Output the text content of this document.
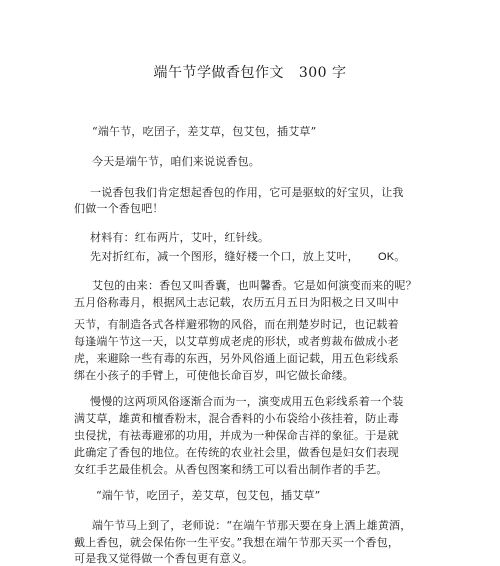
端午节学做香包作文   300 字
“端午节，吃囝子，差艾草，包艾包，插艾草”
今天是端午节，咱们来说说香包。
一说香包我们肯定想起香包的作用，它可是驱蚊的好宝贝，让我
们做一个香包吧！
材料有：红布两片，艾叶，红针线。
先对折红布，减一个图形，缝好楼一个口，放上艾叶， OK。
艾包的由来：香包又叫香囊，也叫馨香。它是如何演变而来的呢？
五月俗称毒月，根据风土志记载，农历五月五日为阳极之日又叫中
天节，有制造各式各样避邪物的风俗，而在荆楚岁时记，也记载着
每逢端午节这一天，以艾草剪成老虎的形状，或者剪裁布做成小老
虎，来避除一些有毒的东西，另外风俗通上面记载，用五色彩线系
绑在小孩子的手臂上，可使他长命百岁，叫它做长命缕。
慢慢的这两项风俗逐渐合而为一，演变成用五色彩线系着一个装
满艾草，雄黄和檀香粉末，混合香料的小布袋给小孩挂着，防止毒
虫侵扰，有祛毒避邪的功用，并成为一种保命吉祥的象征。于是就
此确定了香包的地位。在传统的农业社会里，做香包是妇女们表现
女红手艺最佳机会。从香包图案和绣工可以看出制作者的手艺。
“端午节，吃囝子，差艾草，包艾包，插艾草”
端午节马上到了，老师说：“在端午节那天要在身上洒上雄黄酒，
戴上香包，就会保佑你一生平安。”我想在端午节那天买一个香包，
可是我又觉得做一个香包更有意义。
